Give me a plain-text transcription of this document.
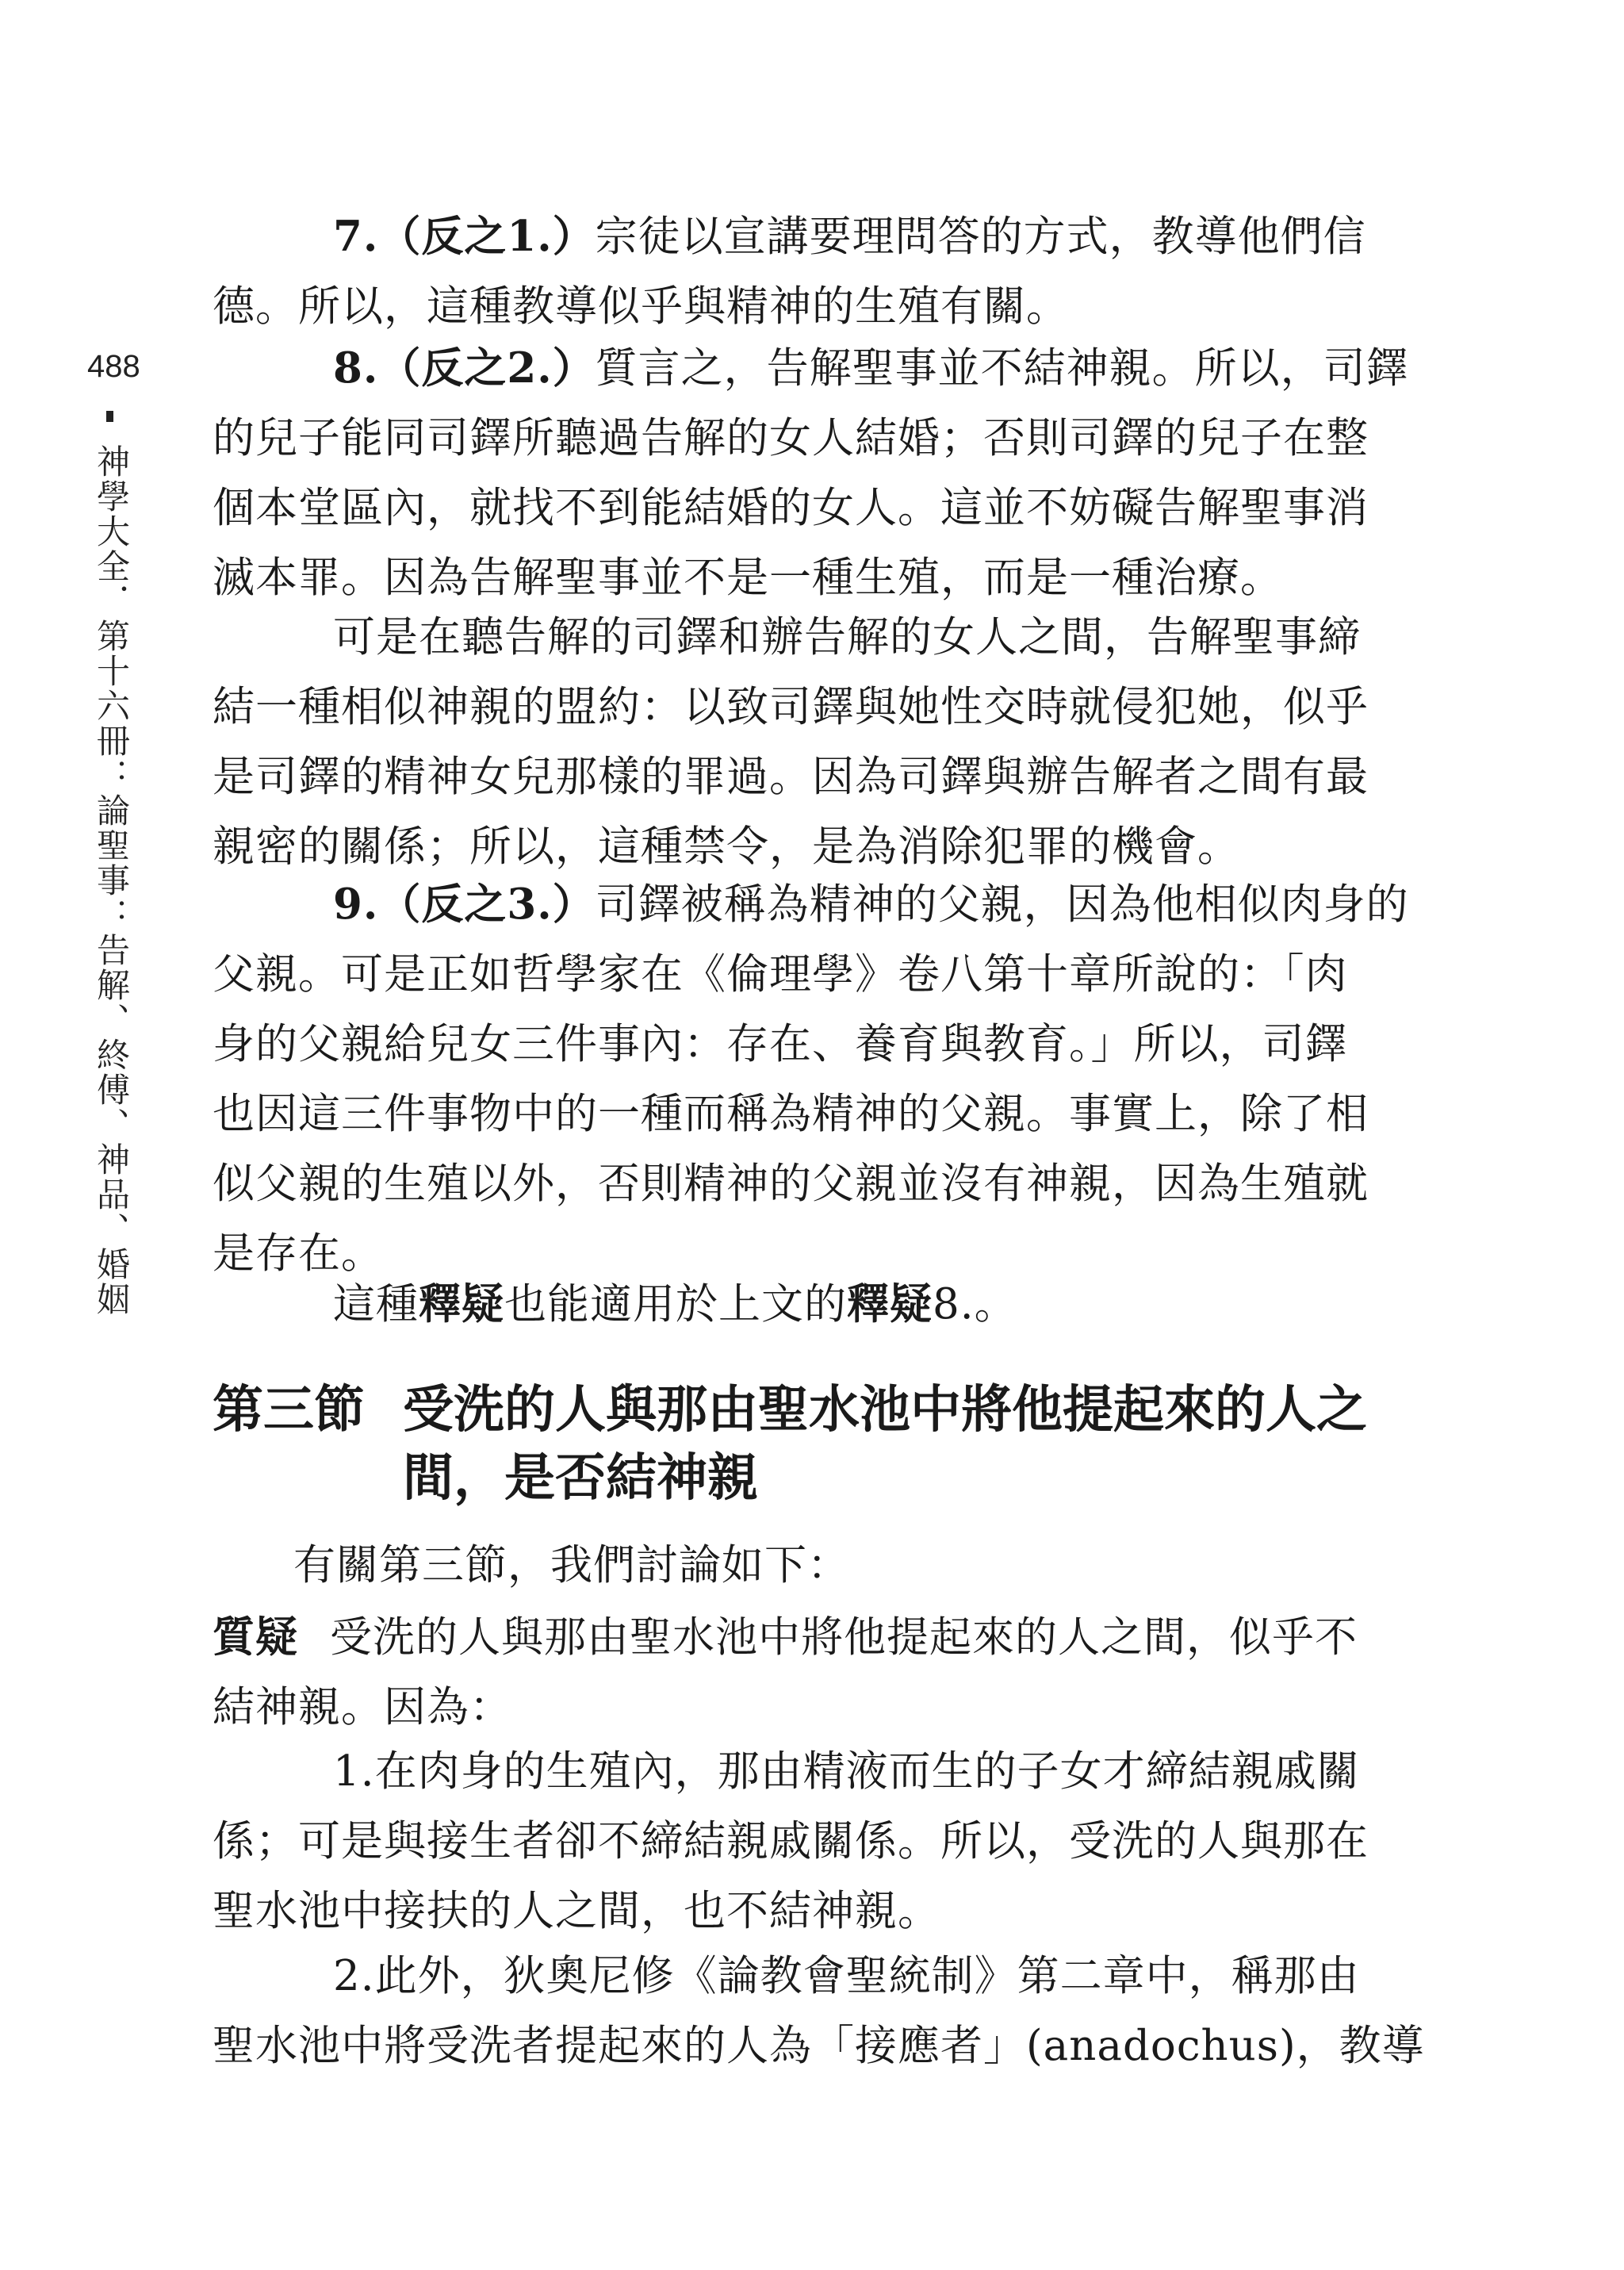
488
神學大全．第十六冊：論聖事：告解、終傅、神品、婚姻
7.（反之1.）宗徒以宣講要理問答的方式，教導他們信
德。所以，這種教導似乎與精神的生殖有關。
8.（反之2.）質言之，告解聖事並不結神親。所以，司鐸
的兒子能同司鐸所聽過告解的女人結婚；否則司鐸的兒子在整
個本堂區內，就找不到能結婚的女人。這並不妨礙告解聖事消
滅本罪。因為告解聖事並不是一種生殖，而是一種治療。
可是在聽告解的司鐸和辦告解的女人之間，告解聖事締
結一種相似神親的盟約：以致司鐸與她性交時就侵犯她，似乎
是司鐸的精神女兒那樣的罪過。因為司鐸與辦告解者之間有最
親密的關係；所以，這種禁令，是為消除犯罪的機會。
9.（反之3.）司鐸被稱為精神的父親，因為他相似肉身的
父親。可是正如哲學家在《倫理學》卷八第十章所說的：「肉
身的父親給兒女三件事內：存在、養育與教育。」所以，司鐸
也因這三件事物中的一種而稱為精神的父親。事實上，除了相
似父親的生殖以外，否則精神的父親並沒有神親，因為生殖就
是存在。
這種釋疑也能適用於上文的釋疑8.。
第三節 受洗的人與那由聖水池中將他提起來的人之
間，是否結神親
有關第三節，我們討論如下：
質疑 受洗的人與那由聖水池中將他提起來的人之間，似乎不
結神親。因為：
1.在肉身的生殖內，那由精液而生的子女才締結親戚關
係；可是與接生者卻不締結親戚關係。所以，受洗的人與那在
聖水池中接扶的人之間，也不結神親。
2.此外，狄奧尼修《論教會聖統制》第二章中，稱那由
聖水池中將受洗者提起來的人為「接應者」(anadochus)，教導
